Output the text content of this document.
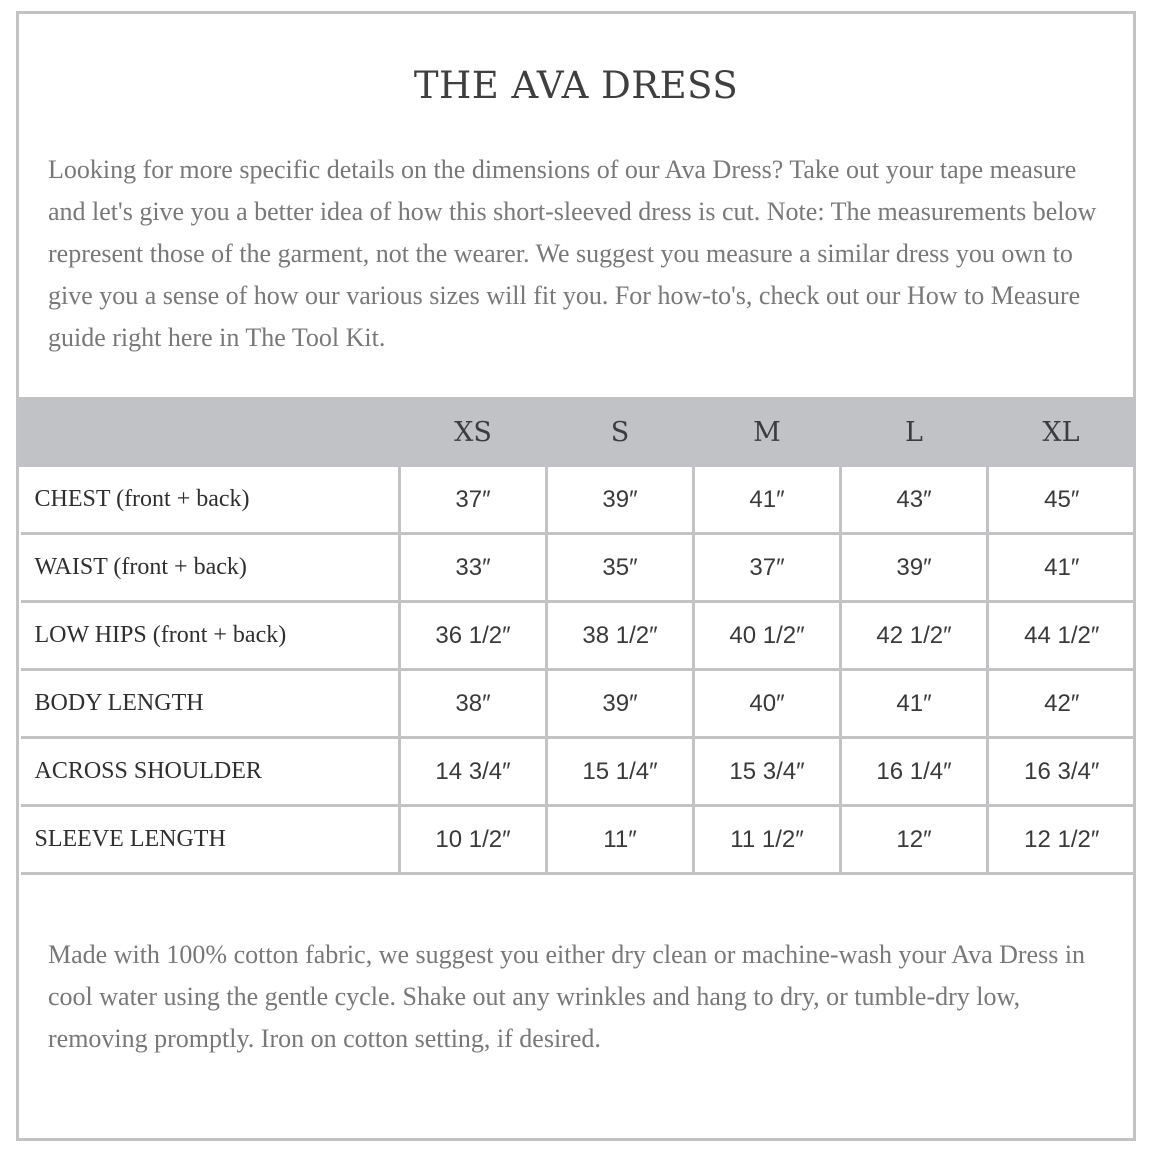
THE AVA DRESS

Looking for more specific details on the dimensions of our Ava Dress? Take out your tape measure and let's give you a better idea of how this short-sleeved dress is cut. Note: The measurements below represent those of the garment, not the wearer. We suggest you measure a similar dress you own to give you a sense of how our various sizes will fit you. For how-to's, check out our How to Measure guide right here in The Tool Kit.

	XS	S	M	L	XL
CHEST (front + back)	37″	39″	41″	43″	45″
WAIST (front + back)	33″	35″	37″	39″	41″
LOW HIPS (front + back)	36 1/2″	38 1/2″	40 1/2″	42 1/2″	44 1/2″
BODY LENGTH	38″	39″	40″	41″	42″
ACROSS SHOULDER	14 3/4″	15 1/4″	15 3/4″	16 1/4″	16 3/4″
SLEEVE LENGTH	10 1/2″	11″	11 1/2″	12″	12 1/2″

Made with 100% cotton fabric, we suggest you either dry clean or machine-wash your Ava Dress in cool water using the gentle cycle. Shake out any wrinkles and hang to dry, or tumble-dry low, removing promptly. Iron on cotton setting, if desired.
